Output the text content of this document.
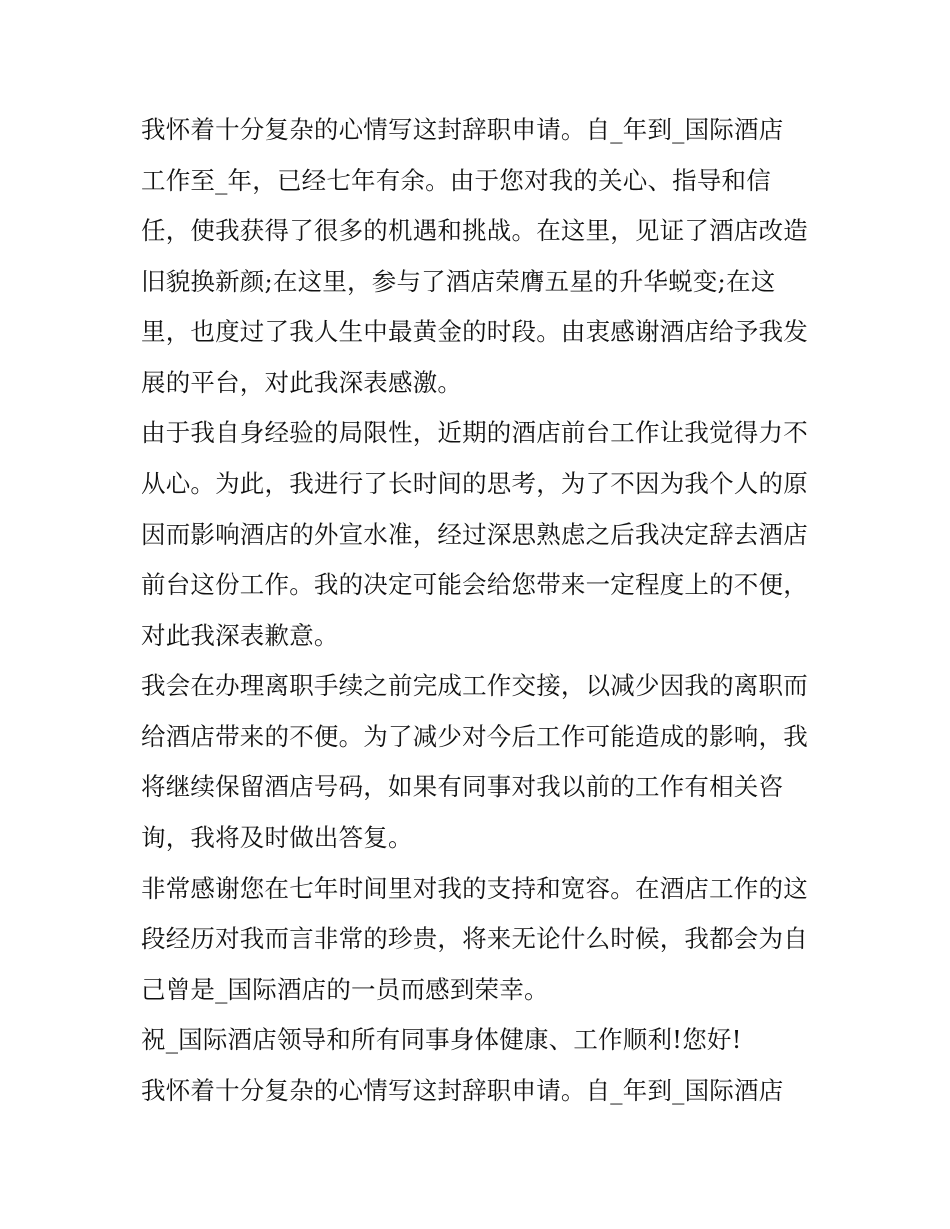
我怀着十分复杂的心情写这封辞职申请。自_年到_国际酒店
工作至_年，已经七年有余。由于您对我的关心、指导和信
任，使我获得了很多的机遇和挑战。在这里，见证了酒店改造
旧貌换新颜;在这里，参与了酒店荣膺五星的升华蜕变;在这
里，也度过了我人生中最黄金的时段。由衷感谢酒店给予我发
展的平台，对此我深表感激。
由于我自身经验的局限性，近期的酒店前台工作让我觉得力不
从心。为此，我进行了长时间的思考，为了不因为我个人的原
因而影响酒店的外宣水准，经过深思熟虑之后我决定辞去酒店
前台这份工作。我的决定可能会给您带来一定程度上的不便，
对此我深表歉意。
我会在办理离职手续之前完成工作交接，以减少因我的离职而
给酒店带来的不便。为了减少对今后工作可能造成的影响，我
将继续保留酒店号码，如果有同事对我以前的工作有相关咨
询，我将及时做出答复。
非常感谢您在七年时间里对我的支持和宽容。在酒店工作的这
段经历对我而言非常的珍贵，将来无论什么时候，我都会为自
己曾是_国际酒店的一员而感到荣幸。
祝_国际酒店领导和所有同事身体健康、工作顺利!您好!
我怀着十分复杂的心情写这封辞职申请。自_年到_国际酒店
